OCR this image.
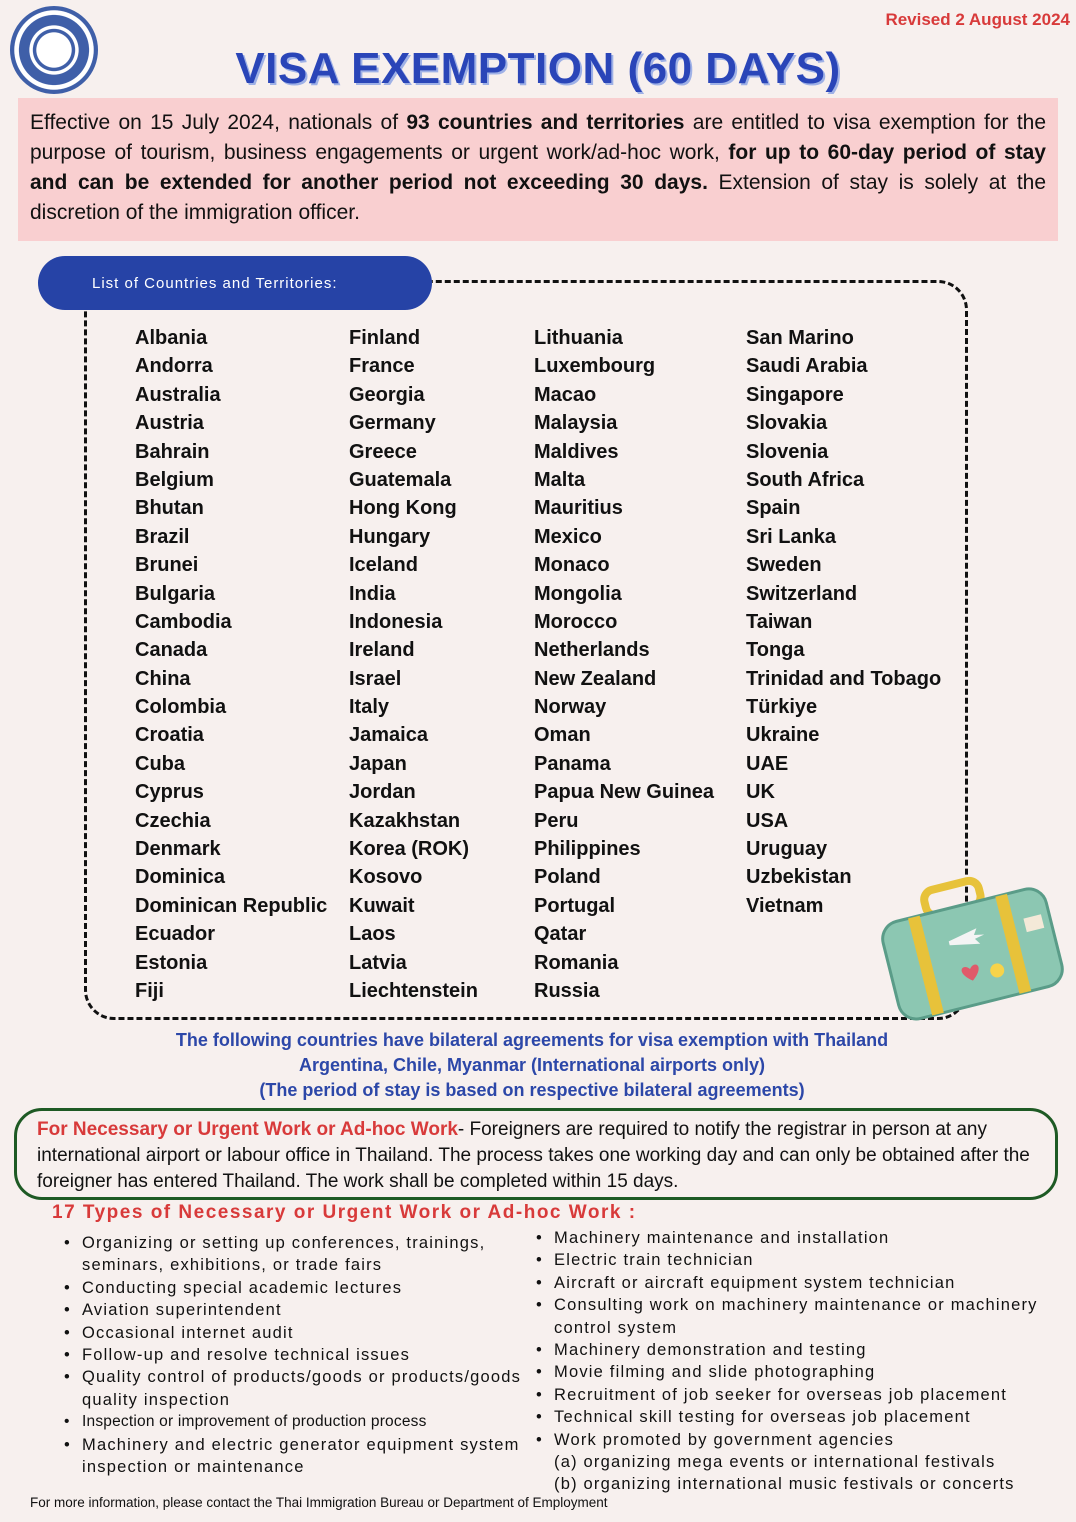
Revised 2 August 2024
VISA EXEMPTION (60 DAYS)
Effective on 15 July 2024, nationals of 93 countries and territories are entitled to visa exemption for the purpose of tourism, business engagements or urgent work/ad-hoc work, for up to 60-day period of stay and can be extended for another period not exceeding 30 days. Extension of stay is solely at the discretion of the immigration officer.
List of Countries and Territories:
Albania
Andorra
Australia
Austria
Bahrain
Belgium
Bhutan
Brazil
Brunei
Bulgaria
Cambodia
Canada
China
Colombia
Croatia
Cuba
Cyprus
Czechia
Denmark
Dominica
Dominican Republic
Ecuador
Estonia
Fiji
Finland
France
Georgia
Germany
Greece
Guatemala
Hong Kong
Hungary
Iceland
India
Indonesia
Ireland
Israel
Italy
Jamaica
Japan
Jordan
Kazakhstan
Korea (ROK)
Kosovo
Kuwait
Laos
Latvia
Liechtenstein
Lithuania
Luxembourg
Macao
Malaysia
Maldives
Malta
Mauritius
Mexico
Monaco
Mongolia
Morocco
Netherlands
New Zealand
Norway
Oman
Panama
Papua New Guinea
Peru
Philippines
Poland
Portugal
Qatar
Romania
Russia
San Marino
Saudi Arabia
Singapore
Slovakia
Slovenia
South Africa
Spain
Sri Lanka
Sweden
Switzerland
Taiwan
Tonga
Trinidad and Tobago
Türkiye
Ukraine
UAE
UK
USA
Uruguay
Uzbekistan
Vietnam
The following countries have bilateral agreements for visa exemption with Thailand
Argentina, Chile, Myanmar (International airports only)
(The period of stay is based on respective bilateral agreements)
For Necessary or Urgent Work or Ad-hoc Work- Foreigners are required to notify the registrar in person at any international airport or labour office in Thailand. The process takes one working day and can only be obtained after the foreigner has entered Thailand. The work shall be completed within 15 days.
17 Types of Necessary or Urgent Work or Ad-hoc Work :
• Organizing or setting up conferences, trainings, seminars, exhibitions, or trade fairs
• Conducting special academic lectures
• Aviation superintendent
• Occasional internet audit
• Follow-up and resolve technical issues
• Quality control of products/goods or products/goods quality inspection
• Inspection or improvement of production process
• Machinery and electric generator equipment system inspection or maintenance
• Machinery maintenance and installation
• Electric train technician
• Aircraft or aircraft equipment system technician
• Consulting work on machinery maintenance or machinery control system
• Machinery demonstration and testing
• Movie filming and slide photographing
• Recruitment of job seeker for overseas job placement
• Technical skill testing for overseas job placement
• Work promoted by government agencies
(a) organizing mega events or international festivals
(b) organizing international music festivals or concerts
For more information, please contact the Thai Immigration Bureau or Department of Employment
